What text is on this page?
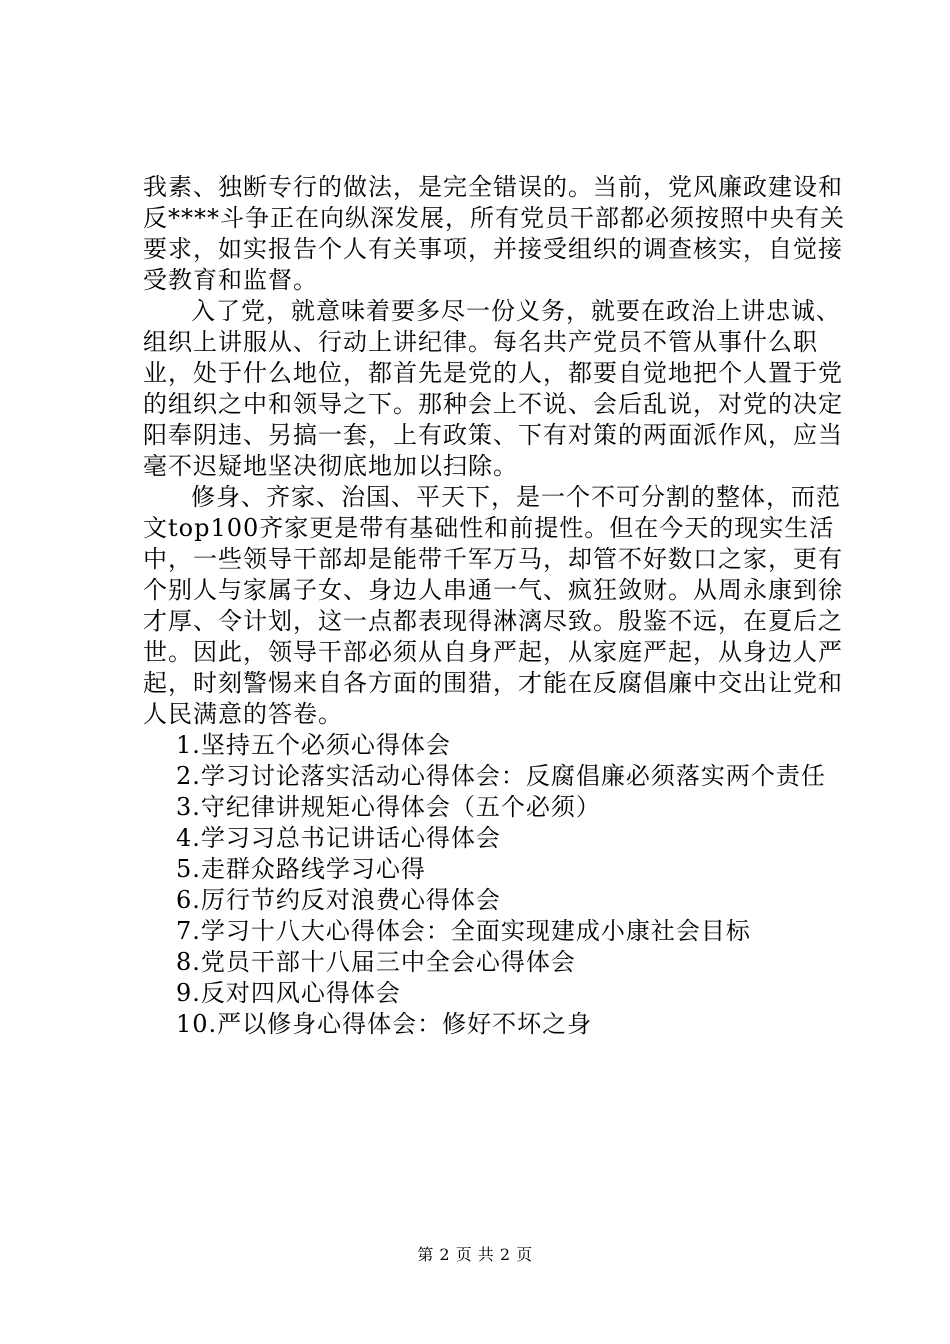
我素、独断专行的做法，是完全错误的。当前，党风廉政建设和反****斗争正在向纵深发展，所有党员干部都必须按照中央有关要求，如实报告个人有关事项，并接受组织的调查核实，自觉接受教育和监督。

入了党，就意味着要多尽一份义务，就要在政治上讲忠诚、组织上讲服从、行动上讲纪律。每名共产党员不管从事什么职业，处于什么地位，都首先是党的人，都要自觉地把个人置于党的组织之中和领导之下。那种会上不说、会后乱说，对党的决定阳奉阴违、另搞一套，上有政策、下有对策的两面派作风，应当毫不迟疑地坚决彻底地加以扫除。

修身、齐家、治国、平天下，是一个不可分割的整体，而范文top100齐家更是带有基础性和前提性。但在今天的现实生活中，一些领导干部却是能带千军万马，却管不好数口之家，更有个别人与家属子女、身边人串通一气、疯狂敛财。从周永康到徐才厚、令计划，这一点都表现得淋漓尽致。殷鉴不远，在夏后之世。因此，领导干部必须从自身严起，从家庭严起，从身边人严起，时刻警惕来自各方面的围猎，才能在反腐倡廉中交出让党和人民满意的答卷。

1.坚持五个必须心得体会
2.学习讨论落实活动心得体会：反腐倡廉必须落实两个责任
3.守纪律讲规矩心得体会（五个必须）
4.学习习总书记讲话心得体会
5.走群众路线学习心得
6.厉行节约反对浪费心得体会
7.学习十八大心得体会：全面实现建成小康社会目标
8.党员干部十八届三中全会心得体会
9.反对四风心得体会
10.严以修身心得体会：修好不坏之身
第 2 页 共 2 页
